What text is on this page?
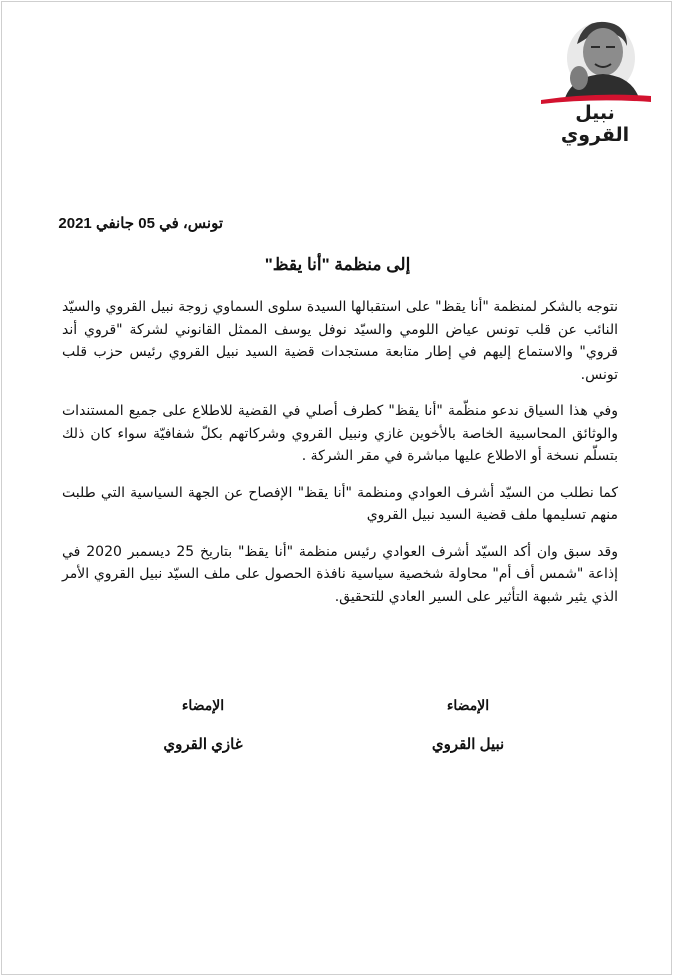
نبيل القروي
تونس، في 05 جانفي 2021
إلى منظمة "أنا يقظ"

نتوجه بالشكر لمنظمة "أنا يقظ" على استقبالها السيدة سلوى السماوي زوجة نبيل القروي والسيّد النائب عن قلب تونس عياض اللومي والسيّد نوفل يوسف الممثل القانوني لشركة "قروي أند قروي" والاستماع إليهم في إطار متابعة مستجدات قضية السيد نبيل القروي رئيس حزب قلب تونس.

وفي هذا السياق ندعو منظّمة "أنا يقظ" كطرف أصلي في القضية للاطلاع على جميع المستندات والوثائق المحاسبية الخاصة بالأخوين غازي ونبيل القروي وشركاتهم بكلّ شفافيّة سواء كان ذلك بتسلّم نسخة أو الاطلاع عليها مباشرة في مقر الشركة .

كما نطلب من السيّد أشرف العوادي ومنظمة "أنا يقظ" الإفصاح عن الجهة السياسية التي طلبت منهم تسليمها ملف قضية السيد نبيل القروي

وقد سبق وان أكد السيّد أشرف العوادي رئيس منظمة "أنا يقظ" بتاريخ 25 ديسمبر 2020 في إذاعة "شمس أف أم" محاولة شخصية سياسية نافذة الحصول على ملف السيّد نبيل القروي الأمر الذي يثير شبهة التأثير على السير العادي للتحقيق.

الإمضاء
نبيل القروي
الإمضاء
غازي القروي
